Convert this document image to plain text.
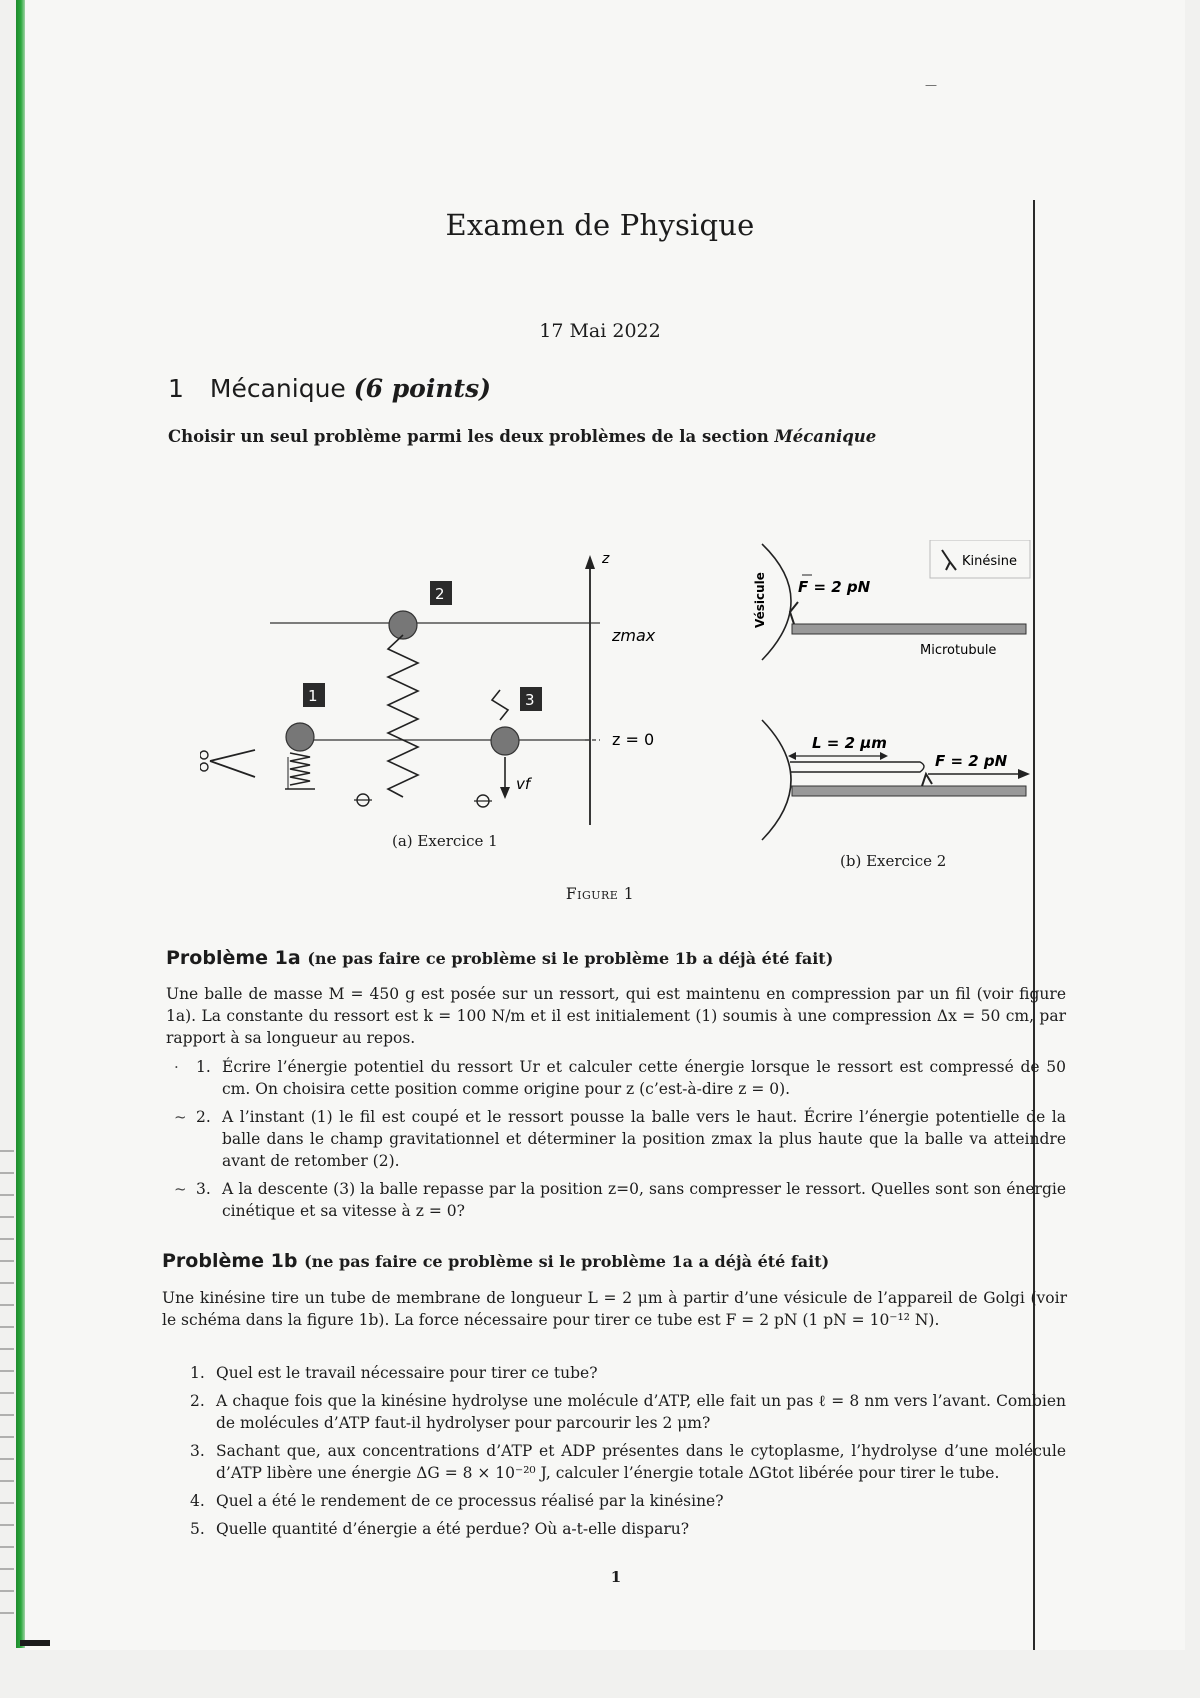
—
Examen de Physique
17 Mai 2022
1 Mécanique (6 points)
Choisir un seul problème parmi les deux problèmes de la section Mécanique
z
zmax
z = 0
2
1	3
vf
(a) Exercice 1
Kinésine
Vésicule F = 2 pN
Microtubule
L = 2 μm
F = 2 pN
(b) Exercice 2
Figure 1
Problème 1a (ne pas faire ce problème si le problème 1b a déjà été fait)
Une balle de masse M = 450 g est posée sur un ressort, qui est maintenu en compression par un fil (voir figure 1a). La constante du ressort est k = 100 N/m et il est initialement (1) soumis à une compression Δx = 50 cm, par rapport à sa longueur au repos.
· 1. Écrire l’énergie potentiel du ressort Ur et calculer cette énergie lorsque le ressort est compressé de 50 cm. On choisira cette position comme origine pour z (c’est-à-dire z = 0).
~ 2. A l’instant (1) le fil est coupé et le ressort pousse la balle vers le haut. Écrire l’énergie potentielle de la balle dans le champ gravitationnel et déterminer la position zmax la plus haute que la balle va atteindre avant de retomber (2).
~ 3. A la descente (3) la balle repasse par la position z=0, sans compresser le ressort. Quelles sont son énergie cinétique et sa vitesse à z = 0?
Problème 1b (ne pas faire ce problème si le problème 1a a déjà été fait)
Une kinésine tire un tube de membrane de longueur L = 2 μm à partir d’une vésicule de l’appareil de Golgi (voir le schéma dans la figure 1b). La force nécessaire pour tirer ce tube est F = 2 pN (1 pN = 10⁻¹² N).
1. Quel est le travail nécessaire pour tirer ce tube?
2. A chaque fois que la kinésine hydrolyse une molécule d’ATP, elle fait un pas ℓ = 8 nm vers l’avant. Combien de molécules d’ATP faut-il hydrolyser pour parcourir les 2 μm?
3. Sachant que, aux concentrations d’ATP et ADP présentes dans le cytoplasme, l’hydrolyse d’une molécule d’ATP libère une énergie ΔG = 8 × 10⁻²⁰ J, calculer l’énergie totale ΔGtot libérée pour tirer le tube.
4. Quel a été le rendement de ce processus réalisé par la kinésine?
5. Quelle quantité d’énergie a été perdue? Où a-t-elle disparu?
1
